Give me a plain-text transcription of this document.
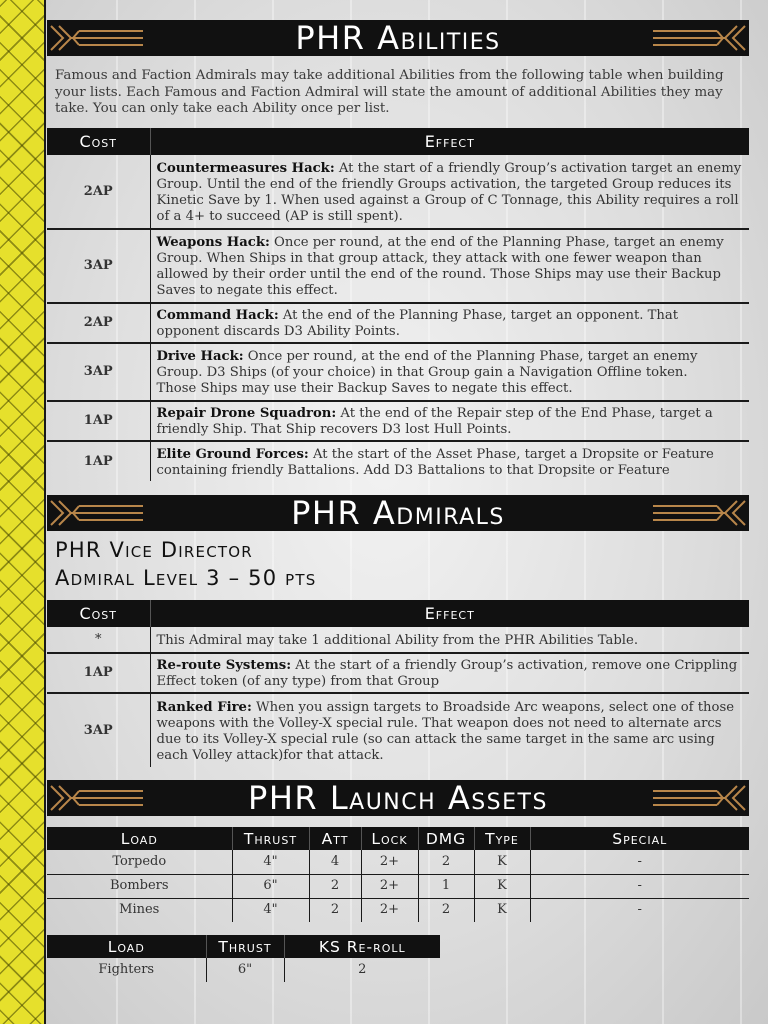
PHR Abilities

Famous and Faction Admirals may take additional Abilities from the following table when building your lists. Each Famous and Faction Admiral will state the amount of additional Abilities they may take. You can only take each Ability once per list.

Cost	Effect
2AP	Countermeasures Hack: At the start of a friendly Group’s activation target an enemy Group. Until the end of the friendly Groups activation, the targeted Group reduces its Kinetic Save by 1. When used against a Group of C Tonnage, this Ability requires a roll of a 4+ to succeed (AP is still spent).
3AP	Weapons Hack: Once per round, at the end of the Planning Phase, target an enemy Group. When Ships in that group attack, they attack with one fewer weapon than allowed by their order until the end of the round. Those Ships may use their Backup Saves to negate this effect.
2AP	Command Hack: At the end of the Planning Phase, target an opponent. That opponent discards D3 Ability Points.
3AP	Drive Hack: Once per round, at the end of the Planning Phase, target an enemy Group. D3 Ships (of your choice) in that Group gain a Navigation Offline token.
Those Ships may use their Backup Saves to negate this effect.
1AP	Repair Drone Squadron: At the end of the Repair step of the End Phase, target a friendly Ship. That Ship recovers D3 lost Hull Points.
1AP	Elite Ground Forces: At the start of the Asset Phase, target a Dropsite or Feature containing friendly Battalions. Add D3 Battalions to that Dropsite or Feature
PHR Admirals
PHR Vice Director
Admiral Level 3 – 50 pts
Cost	Effect
*	This Admiral may take 1 additional Ability from the PHR Abilities Table.
1AP	Re-route Systems: At the start of a friendly Group’s activation, remove one Crippling Effect token (of any type) from that Group
3AP	Ranked Fire: When you assign targets to Broadside Arc weapons, select one of those weapons with the Volley-X special rule. That weapon does not need to alternate arcs due to its Volley-X special rule (so can attack the same target in the same arc using each Volley attack)for that attack.
PHR Launch Assets
Load	Thrust	Att	Lock	DMG	Type	Special
Torpedo	4"	4	2+	2	K	-
Bombers	6"	2	2+	1	K	-
Mines	4"	2	2+	2	K	-
Load	Thrust	KS Re-roll
Fighters	6"	2
